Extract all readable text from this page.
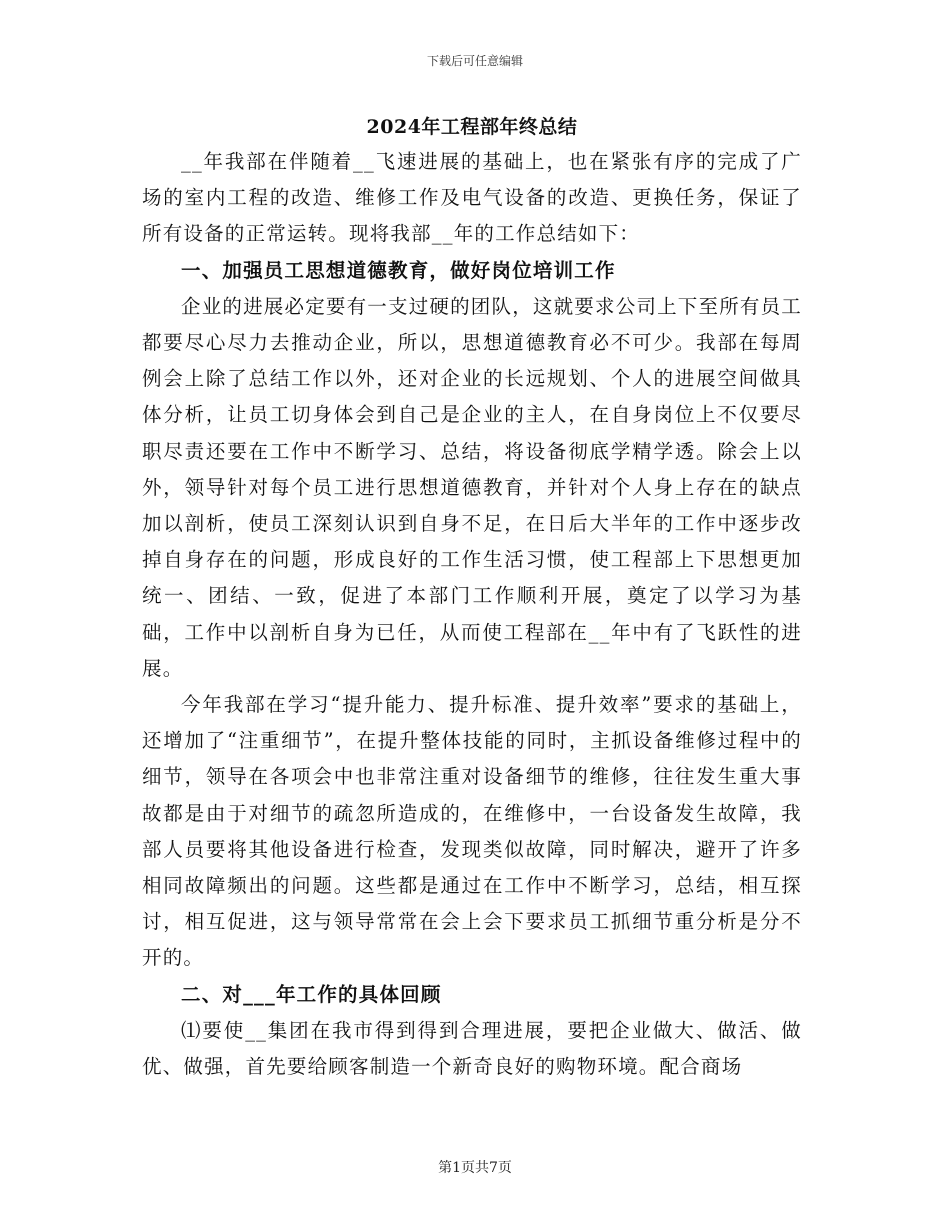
下载后可任意编辑
2024年工程部年终总结

__年我部在伴随着__飞速进展的基础上，也在紧张有序的完成了广场的室内工程的改造、维修工作及电气设备的改造、更换任务，保证了所有设备的正常运转。现将我部__年的工作总结如下：

一、加强员工思想道德教育，做好岗位培训工作

企业的进展必定要有一支过硬的团队，这就要求公司上下至所有员工都要尽心尽力去推动企业，所以，思想道德教育必不可少。我部在每周例会上除了总结工作以外，还对企业的长远规划、个人的进展空间做具体分析，让员工切身体会到自己是企业的主人，在自身岗位上不仅要尽职尽责还要在工作中不断学习、总结，将设备彻底学精学透。除会上以外，领导针对每个员工进行思想道德教育，并针对个人身上存在的缺点加以剖析，使员工深刻认识到自身不足，在日后大半年的工作中逐步改掉自身存在的问题，形成良好的工作生活习惯，使工程部上下思想更加统一、团结、一致，促进了本部门工作顺利开展，奠定了以学习为基础，工作中以剖析自身为已任，从而使工程部在__年中有了飞跃性的进展。

今年我部在学习“提升能力、提升标准、提升效率”要求的基础上，还增加了“注重细节”，在提升整体技能的同时，主抓设备维修过程中的细节，领导在各项会中也非常注重对设备细节的维修，往往发生重大事故都是由于对细节的疏忽所造成的，在维修中，一台设备发生故障，我部人员要将其他设备进行检查，发现类似故障，同时解决，避开了许多相同故障频出的问题。这些都是通过在工作中不断学习，总结，相互探讨，相互促进，这与领导常常在会上会下要求员工抓细节重分析是分不开的。

二、对___年工作的具体回顾

⑴要使__集团在我市得到得到合理进展，要把企业做大、做活、做优、做强，首先要给顾客制造一个新奇良好的购物环境。配合商场

第1页共7页
